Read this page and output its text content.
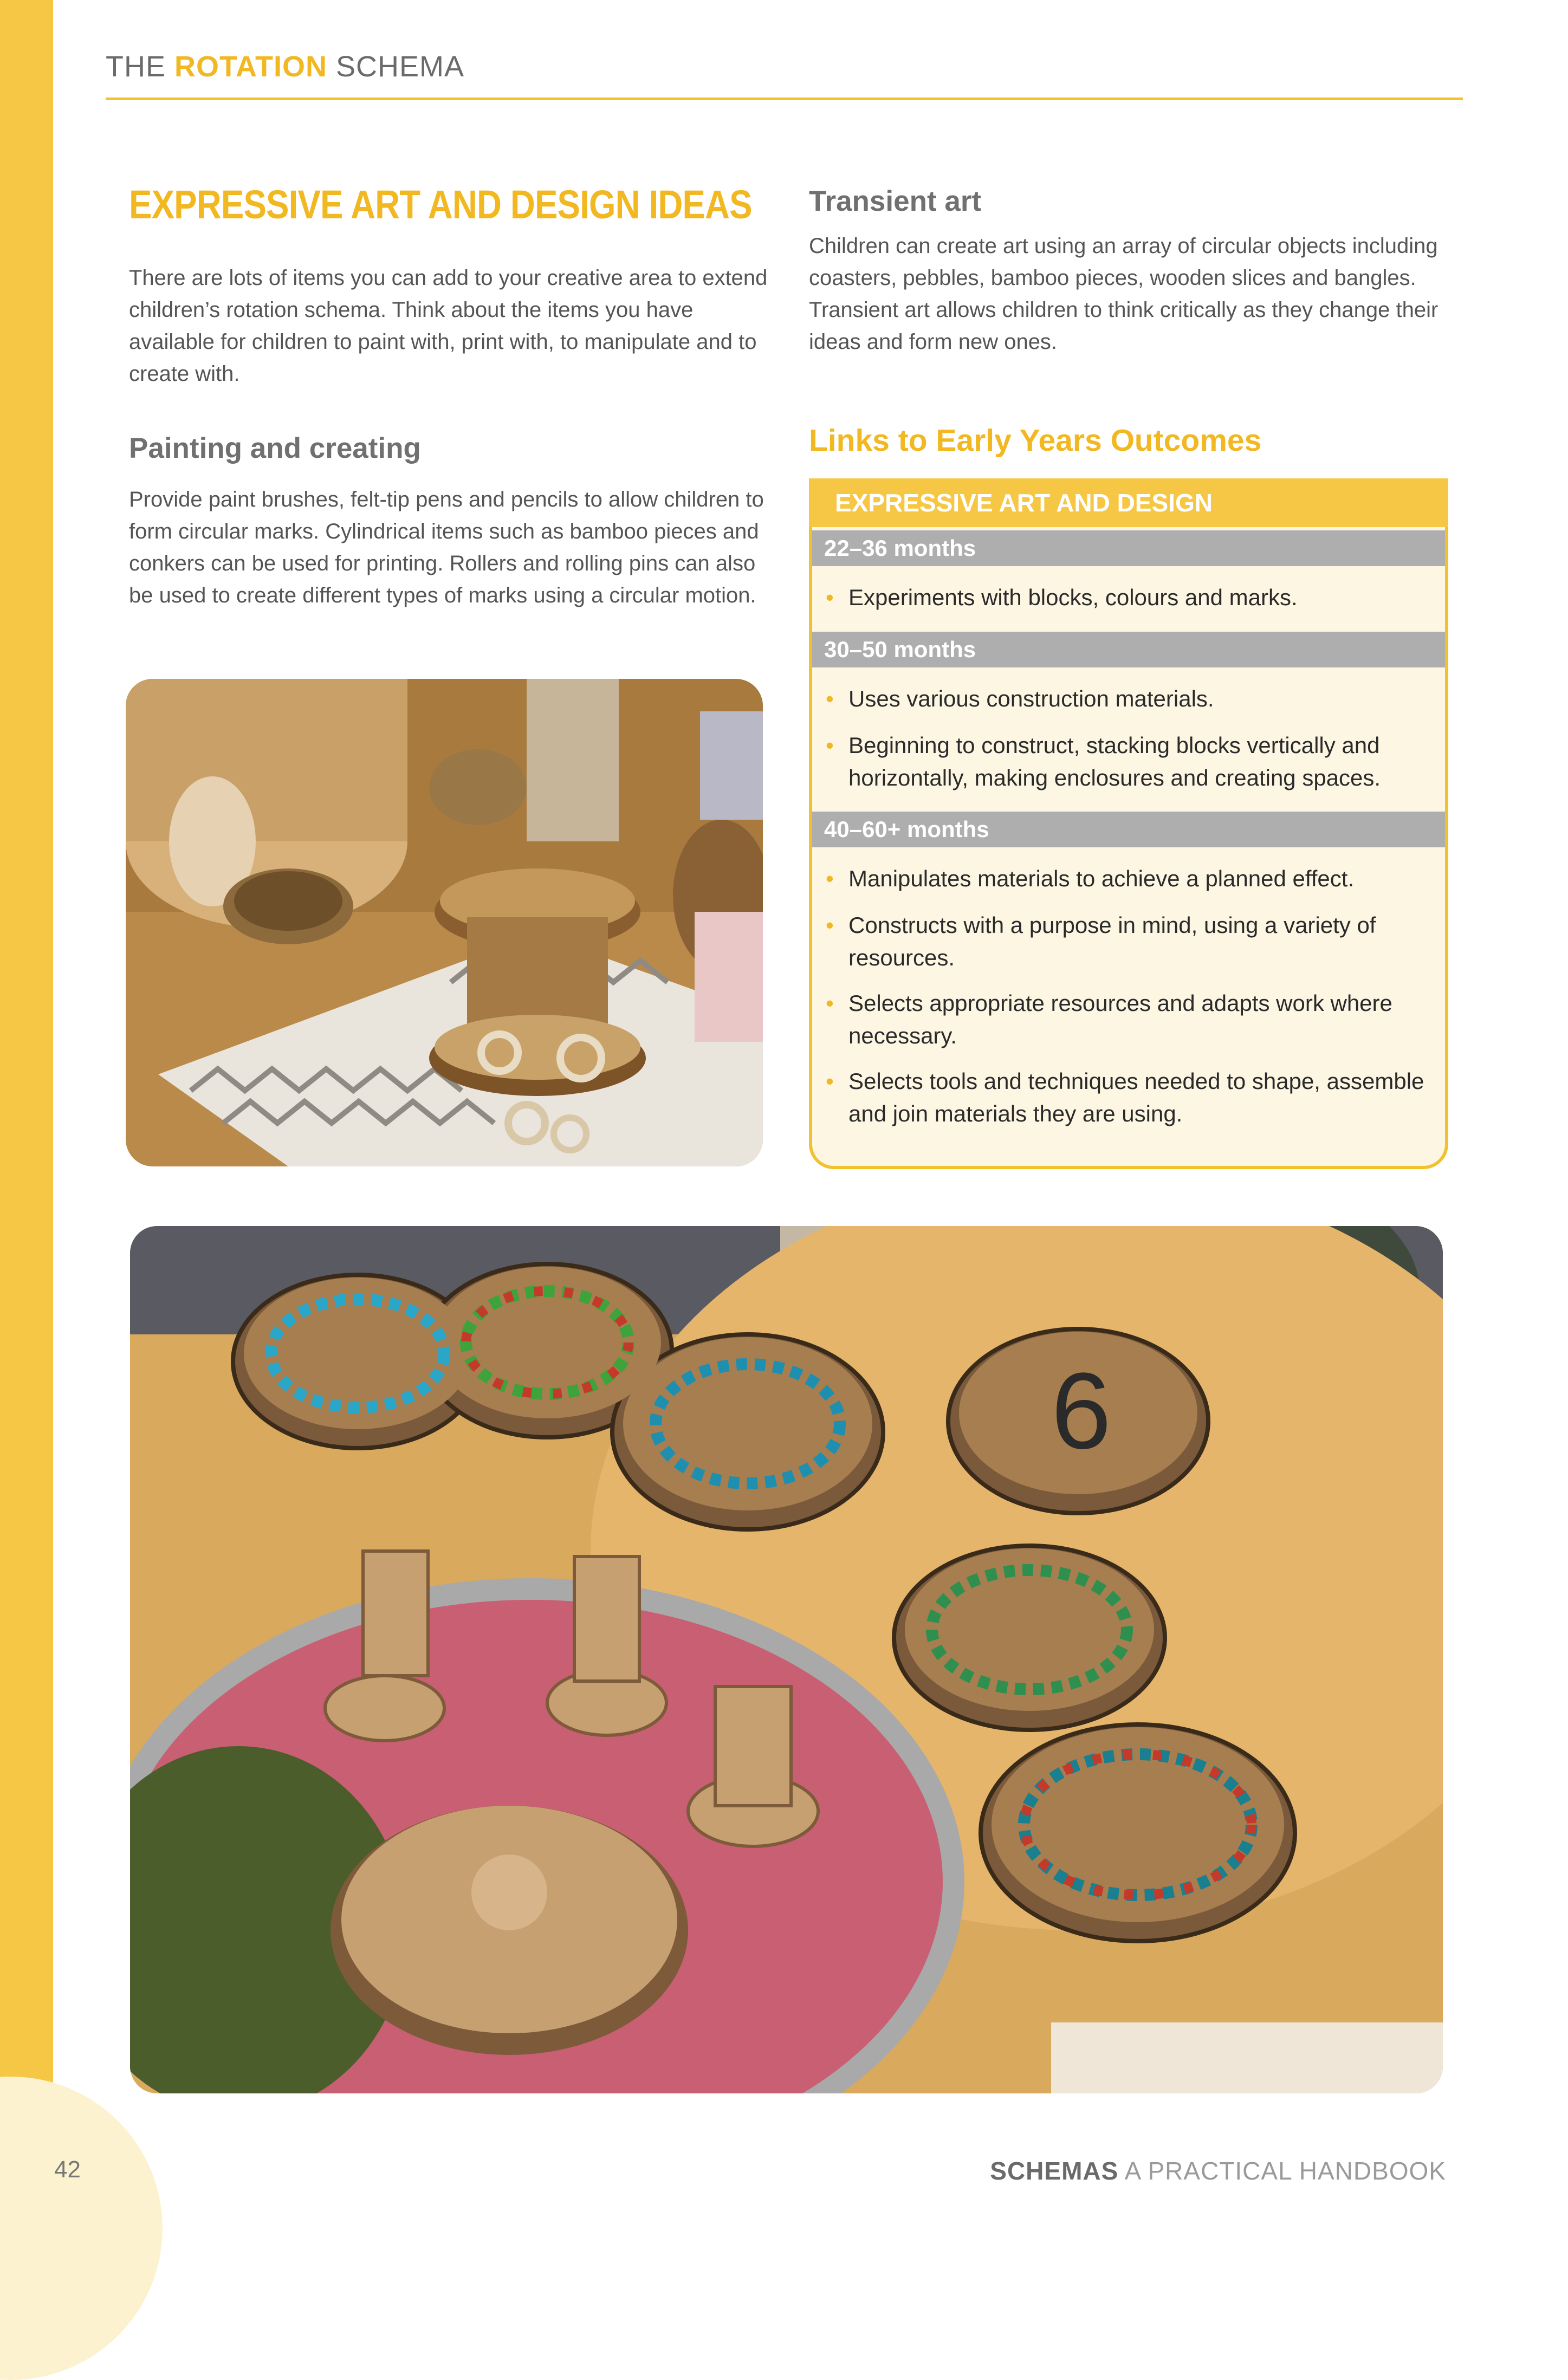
THE ROTATION SCHEMA
EXPRESSIVE ART AND DESIGN IDEAS
There are lots of items you can add to your creative area to extend children’s rotation schema. Think about the items you have available for children to paint with, print with, to manipulate and to create with.
Painting and creating
Provide paint brushes, felt-tip pens and pencils to allow children to form circular marks. Cylindrical items such as bamboo pieces and conkers can be used for printing. Rollers and rolling pins can also be used to create different types of marks using a circular motion.
Transient art
Children can create art using an array of circular objects including coasters, pebbles, bamboo pieces, wooden slices and bangles. Transient art allows children to think critically as they change their ideas and form new ones.
Links to Early Years Outcomes
EXPRESSIVE ART AND DESIGN
22–36 months
• Experiments with blocks, colours and marks.
30–50 months
• Uses various construction materials.
• Beginning to construct, stacking blocks vertically and horizontally, making enclosures and creating spaces.
40–60+ months
• Manipulates materials to achieve a planned effect.
• Constructs with a purpose in mind, using a variety of resources.
• Selects appropriate resources and adapts work where necessary.
• Selects tools and techniques needed to shape, assemble and join materials they are using.
6
42	SCHEMAS A PRACTICAL HANDBOOK
